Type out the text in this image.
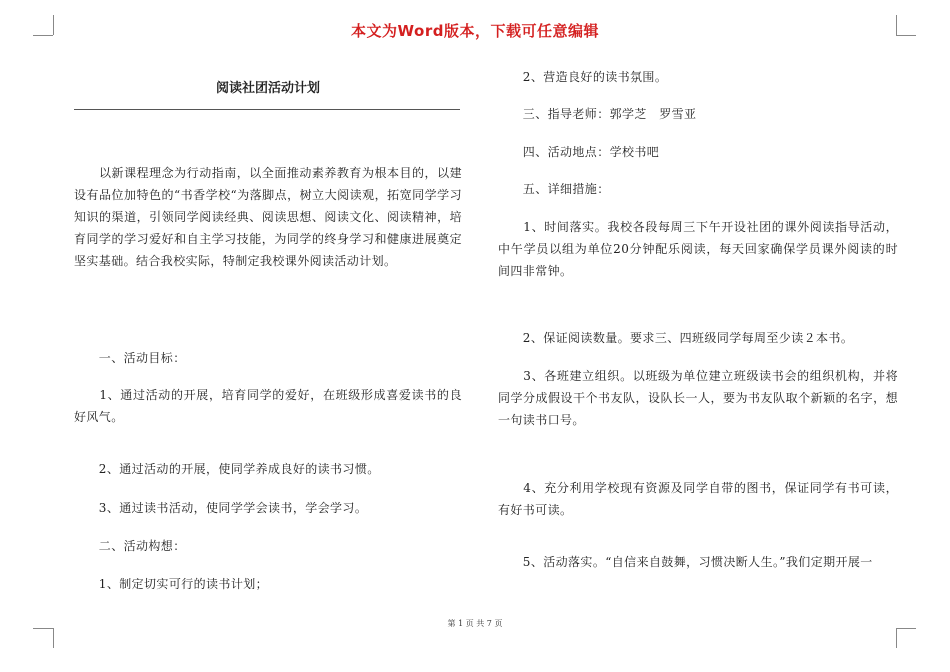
本文为Word版本，下载可任意编辑
阅读社团活动计划

　　以新课程理念为行动指南，以全面推动素养教育为根本目的，以建设有品位加特色的“书香学校“为落脚点，树立大阅读观，拓宽同学学习知识的渠道，引领同学阅读经典、阅读思想、阅读文化、阅读精神，培育同学的学习爱好和自主学习技能，为同学的终身学习和健康进展奠定坚实基础。结合我校实际，特制定我校课外阅读活动计划。

　　一、活动目标：

　　1、通过活动的开展，培育同学的爱好，在班级形成喜爱读书的良好风气。

　　2、通过活动的开展，使同学养成良好的读书习惯。

　　3、通过读书活动，使同学学会读书，学会学习。

　　二、活动构想：

　　1、制定切实可行的读书计划；

　　2、营造良好的读书氛围。

　　三、指导老师：郭学芝　罗雪亚

　　四、活动地点：学校书吧

　　五、详细措施：

　　1、时间落实。我校各段每周三下午开设社团的课外阅读指导活动，中午学员以组为单位20分钟配乐阅读，每天回家确保学员课外阅读的时间四非常钟。

　　2、保证阅读数量。要求三、四班级同学每周至少读２本书。

　　3、各班建立组织。以班级为单位建立班级读书会的组织机构，并将同学分成假设干个书友队，设队长一人，要为书友队取个新颖的名字，想一句读书口号。

　　4、充分利用学校现有资源及同学自带的图书，保证同学有书可读，有好书可读。

　　5、活动落实。“自信来自鼓舞，习惯决断人生。”我们定期开展一

第 1 页 共 7 页
